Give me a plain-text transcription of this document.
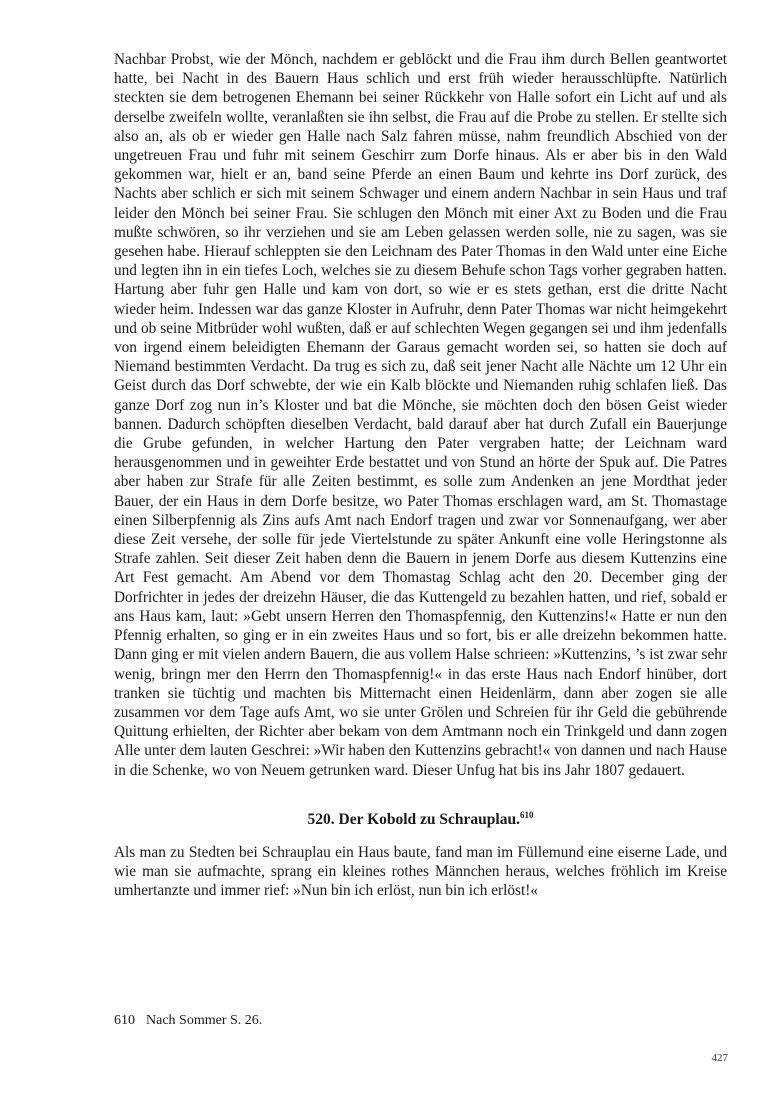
Nachbar Probst, wie der Mönch, nachdem er geblöckt und die Frau ihm durch Bellen geantwortet hatte, bei Nacht in des Bauern Haus schlich und erst früh wieder herausschlüpfte. Natürlich steckten sie dem betrogenen Ehemann bei seiner Rückkehr von Halle sofort ein Licht auf und als derselbe zweifeln wollte, veranlaßten sie ihn selbst, die Frau auf die Probe zu stellen. Er stellte sich also an, als ob er wieder gen Halle nach Salz fahren müsse, nahm freundlich Abschied von der ungetreuen Frau und fuhr mit seinem Geschirr zum Dorfe hinaus. Als er aber bis in den Wald gekommen war, hielt er an, band seine Pferde an einen Baum und kehrte ins Dorf zurück, des Nachts aber schlich er sich mit seinem Schwager und einem andern Nachbar in sein Haus und traf leider den Mönch bei seiner Frau. Sie schlugen den Mönch mit einer Axt zu Boden und die Frau mußte schwören, so ihr verziehen und sie am Leben gelassen werden solle, nie zu sagen, was sie gesehen habe. Hierauf schleppten sie den Leichnam des Pater Thomas in den Wald unter eine Eiche und legten ihn in ein tiefes Loch, welches sie zu diesem Behufe schon Tags vorher gegraben hatten. Hartung aber fuhr gen Halle und kam von dort, so wie er es stets gethan, erst die dritte Nacht wieder heim. Indessen war das ganze Kloster in Aufruhr, denn Pater Thomas war nicht heimgekehrt und ob seine Mitbrüder wohl wußten, daß er auf schlechten Wegen gegangen sei und ihm jedenfalls von irgend einem beleidigten Ehemann der Garaus gemacht worden sei, so hatten sie doch auf Niemand bestimmten Verdacht. Da trug es sich zu, daß seit jener Nacht alle Nächte um 12 Uhr ein Geist durch das Dorf schwebte, der wie ein Kalb blöckte und Niemanden ruhig schlafen ließ. Das ganze Dorf zog nun in’s Kloster und bat die Mönche, sie möchten doch den bösen Geist wieder bannen. Dadurch schöpften dieselben Verdacht, bald darauf aber hat durch Zufall ein Bauerjunge die Grube gefunden, in welcher Hartung den Pater vergraben hatte; der Leichnam ward herausgenommen und in geweihter Erde bestattet und von Stund an hörte der Spuk auf. Die Patres aber haben zur Strafe für alle Zeiten bestimmt, es solle zum Andenken an jene Mordthat jeder Bauer, der ein Haus in dem Dorfe besitze, wo Pater Thomas erschlagen ward, am St. Thomastage einen Silberpfennig als Zins aufs Amt nach Endorf tragen und zwar vor Sonnenaufgang, wer aber diese Zeit versehe, der solle für jede Viertelstunde zu später Ankunft eine volle Heringstonne als Strafe zahlen. Seit dieser Zeit haben denn die Bauern in jenem Dorfe aus diesem Kuttenzins eine Art Fest gemacht. Am Abend vor dem Thomastag Schlag acht den 20. December ging der Dorfrichter in jedes der dreizehn Häuser, die das Kuttengeld zu bezahlen hatten, und rief, sobald er ans Haus kam, laut: »Gebt unsern Herren den Thomaspfennig, den Kuttenzins!« Hatte er nun den Pfennig erhalten, so ging er in ein zweites Haus und so fort, bis er alle dreizehn bekommen hatte. Dann ging er mit vielen andern Bauern, die aus vollem Halse schrieen: »Kuttenzins, ’s ist zwar sehr wenig, bringn mer den Herrn den Thomaspfennig!« in das erste Haus nach Endorf hinüber, dort tranken sie tüchtig und machten bis Mitternacht einen Heidenlärm, dann aber zogen sie alle zusammen vor dem Tage aufs Amt, wo sie unter Grölen und Schreien für ihr Geld die gebührende Quittung erhielten, der Richter aber bekam von dem Amtmann noch ein Trinkgeld und dann zogen Alle unter dem lauten Geschrei: »Wir haben den Kuttenzins gebracht!« von dannen und nach Hause in die Schenke, wo von Neuem getrunken ward. Dieser Unfug hat bis ins Jahr 1807 gedauert.

520. Der Kobold zu Schrauplau.$^{610}$

Als man zu Stedten bei Schrauplau ein Haus baute, fand man im Füllemund eine eiserne Lade, und wie man sie aufmachte, sprang ein kleines rothes Männchen heraus, welches fröhlich im Kreise umhertanzte und immer rief: »Nun bin ich erlöst, nun bin ich erlöst!«

610 Nach Sommer S. 26.
427
